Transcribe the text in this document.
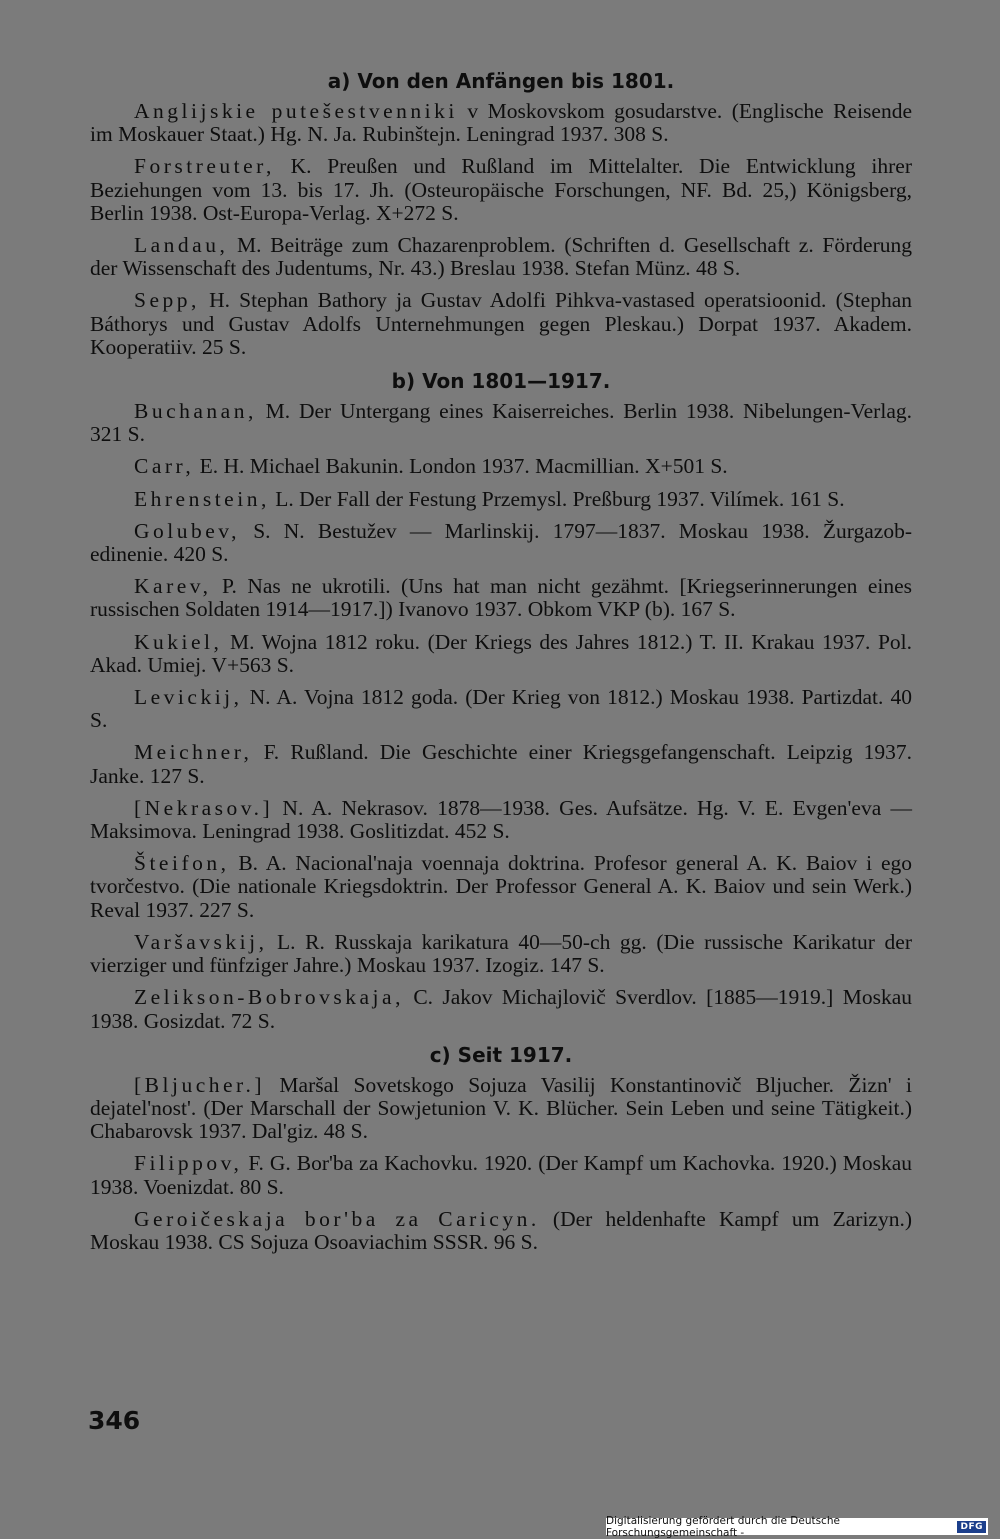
a) Von den Anfängen bis 1801.

Anglijskie putešestvenniki v Moskovskom gosudarstve. (Englische Reisende im Moskauer Staat.) Hg. N. Ja. Rubinštejn. Leningrad 1937. 308 S.

Forstreuter, K. Preußen und Rußland im Mittelalter. Die Entwicklung ihrer Beziehungen vom 13. bis 17. Jh. (Osteuropäische Forschungen, NF. Bd. 25,) Königsberg, Berlin 1938. Ost-Europa-Verlag. X+272 S.

Landau, M. Beiträge zum Chazarenproblem. (Schriften d. Gesellschaft z. Förderung der Wissenschaft des Judentums, Nr. 43.) Breslau 1938. Stefan Münz. 48 S.

Sepp, H. Stephan Bathory ja Gustav Adolfi Pihkva-vastased operatsioonid. (Stephan Báthorys und Gustav Adolfs Unternehmungen gegen Pleskau.) Dorpat 1937. Akadem. Kooperatiiv. 25 S.

b) Von 1801—1917.

Buchanan, M. Der Untergang eines Kaiserreiches. Berlin 1938. Nibelungen-Verlag. 321 S.

Carr, E. H. Michael Bakunin. London 1937. Macmillian. X+501 S.

Ehrenstein, L. Der Fall der Festung Przemysl. Preßburg 1937. Vilímek. 161 S.

Golubev, S. N. Bestužev — Marlinskij. 1797—1837. Moskau 1938. Žurgazob-edinenie. 420 S.

Karev, P. Nas ne ukrotili. (Uns hat man nicht gezähmt. [Kriegserinnerungen eines russischen Soldaten 1914—1917.]) Ivanovo 1937. Obkom VKP (b). 167 S.

Kukiel, M. Wojna 1812 roku. (Der Kriegs des Jahres 1812.) T. II. Krakau 1937. Pol. Akad. Umiej. V+563 S.

Levickij, N. A. Vojna 1812 goda. (Der Krieg von 1812.) Moskau 1938. Partizdat. 40 S.

Meichner, F. Rußland. Die Geschichte einer Kriegsgefangenschaft. Leipzig 1937. Janke. 127 S.

[Nekrasov.] N. A. Nekrasov. 1878—1938. Ges. Aufsätze. Hg. V. E. Evgen'eva — Maksimova. Leningrad 1938. Goslitizdat. 452 S.

Šteifon, B. A. Nacional'naja voennaja doktrina. Profesor general A. K. Baiov i ego tvorčestvo. (Die nationale Kriegsdoktrin. Der Professor General A. K. Baiov und sein Werk.) Reval 1937. 227 S.

Varšavskij, L. R. Russkaja karikatura 40—50-ch gg. (Die russische Karikatur der vierziger und fünfziger Jahre.) Moskau 1937. Izogiz. 147 S.

Zelikson-Bobrovskaja, C. Jakov Michajlovič Sverdlov. [1885—1919.] Moskau 1938. Gosizdat. 72 S.

c) Seit 1917.

[Bljucher.] Maršal Sovetskogo Sojuza Vasilij Konstantinovič Bljucher. Žizn' i dejatel'nost'. (Der Marschall der Sowjetunion V. K. Blücher. Sein Leben und seine Tätigkeit.) Chabarovsk 1937. Dal'giz. 48 S.

Filippov, F. G. Bor'ba za Kachovku. 1920. (Der Kampf um Kachovka. 1920.) Moskau 1938. Voenizdat. 80 S.

Geroičeskaja bor'ba za Caricyn. (Der heldenhafte Kampf um Zarizyn.) Moskau 1938. CS Sojuza Osoaviachim SSSR. 96 S.

346
Digitalisierung gefördert durch die Deutsche Forschungsgemeinschaft -	DFG
